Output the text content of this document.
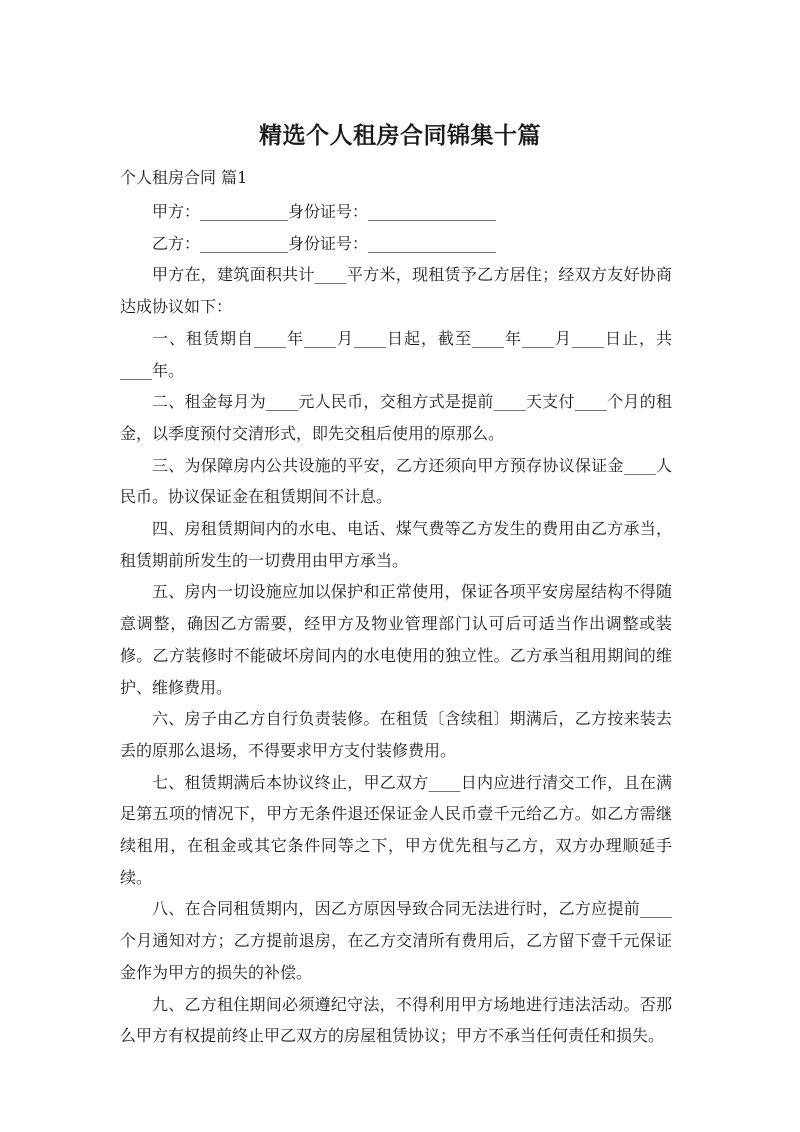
精选个人租房合同锦集十篇
个人租房合同 篇1

甲方：___________身份证号：________________

乙方：___________身份证号：________________

甲方在，建筑面积共计____平方米，现租赁予乙方居住；经双方友好协商达成协议如下：

一、租赁期自____年____月____日起，截至____年____月____日止，共____年。

二、租金每月为____元人民币，交租方式是提前____天支付____个月的租金，以季度预付交清形式，即先交租后使用的原那么。

三、为保障房内公共设施的平安，乙方还须向甲方预存协议保证金____人民币。协议保证金在租赁期间不计息。

四、房租赁期间内的水电、电话、煤气费等乙方发生的费用由乙方承当，租赁期前所发生的一切费用由甲方承当。

五、房内一切设施应加以保护和正常使用，保证各项平安房屋结构不得随意调整，确因乙方需要，经甲方及物业管理部门认可后可适当作出调整或装修。乙方装修时不能破坏房间内的水电使用的独立性。乙方承当租用期间的维护、维修费用。

六、房子由乙方自行负责装修。在租赁〔含续租〕期满后，乙方按来装去丢的原那么退场，不得要求甲方支付装修费用。

七、租赁期满后本协议终止，甲乙双方____日内应进行清交工作，且在满足第五项的情况下，甲方无条件退还保证金人民币壹千元给乙方。如乙方需继续租用，在租金或其它条件同等之下，甲方优先租与乙方，双方办理顺延手续。

八、在合同租赁期内，因乙方原因导致合同无法进行时，乙方应提前____个月通知对方；乙方提前退房，在乙方交清所有费用后，乙方留下壹千元保证金作为甲方的损失的补偿。

九、乙方租住期间必须遵纪守法，不得利用甲方场地进行违法活动。否那么甲方有权提前终止甲乙双方的房屋租赁协议；甲方不承当任何责任和损失。
